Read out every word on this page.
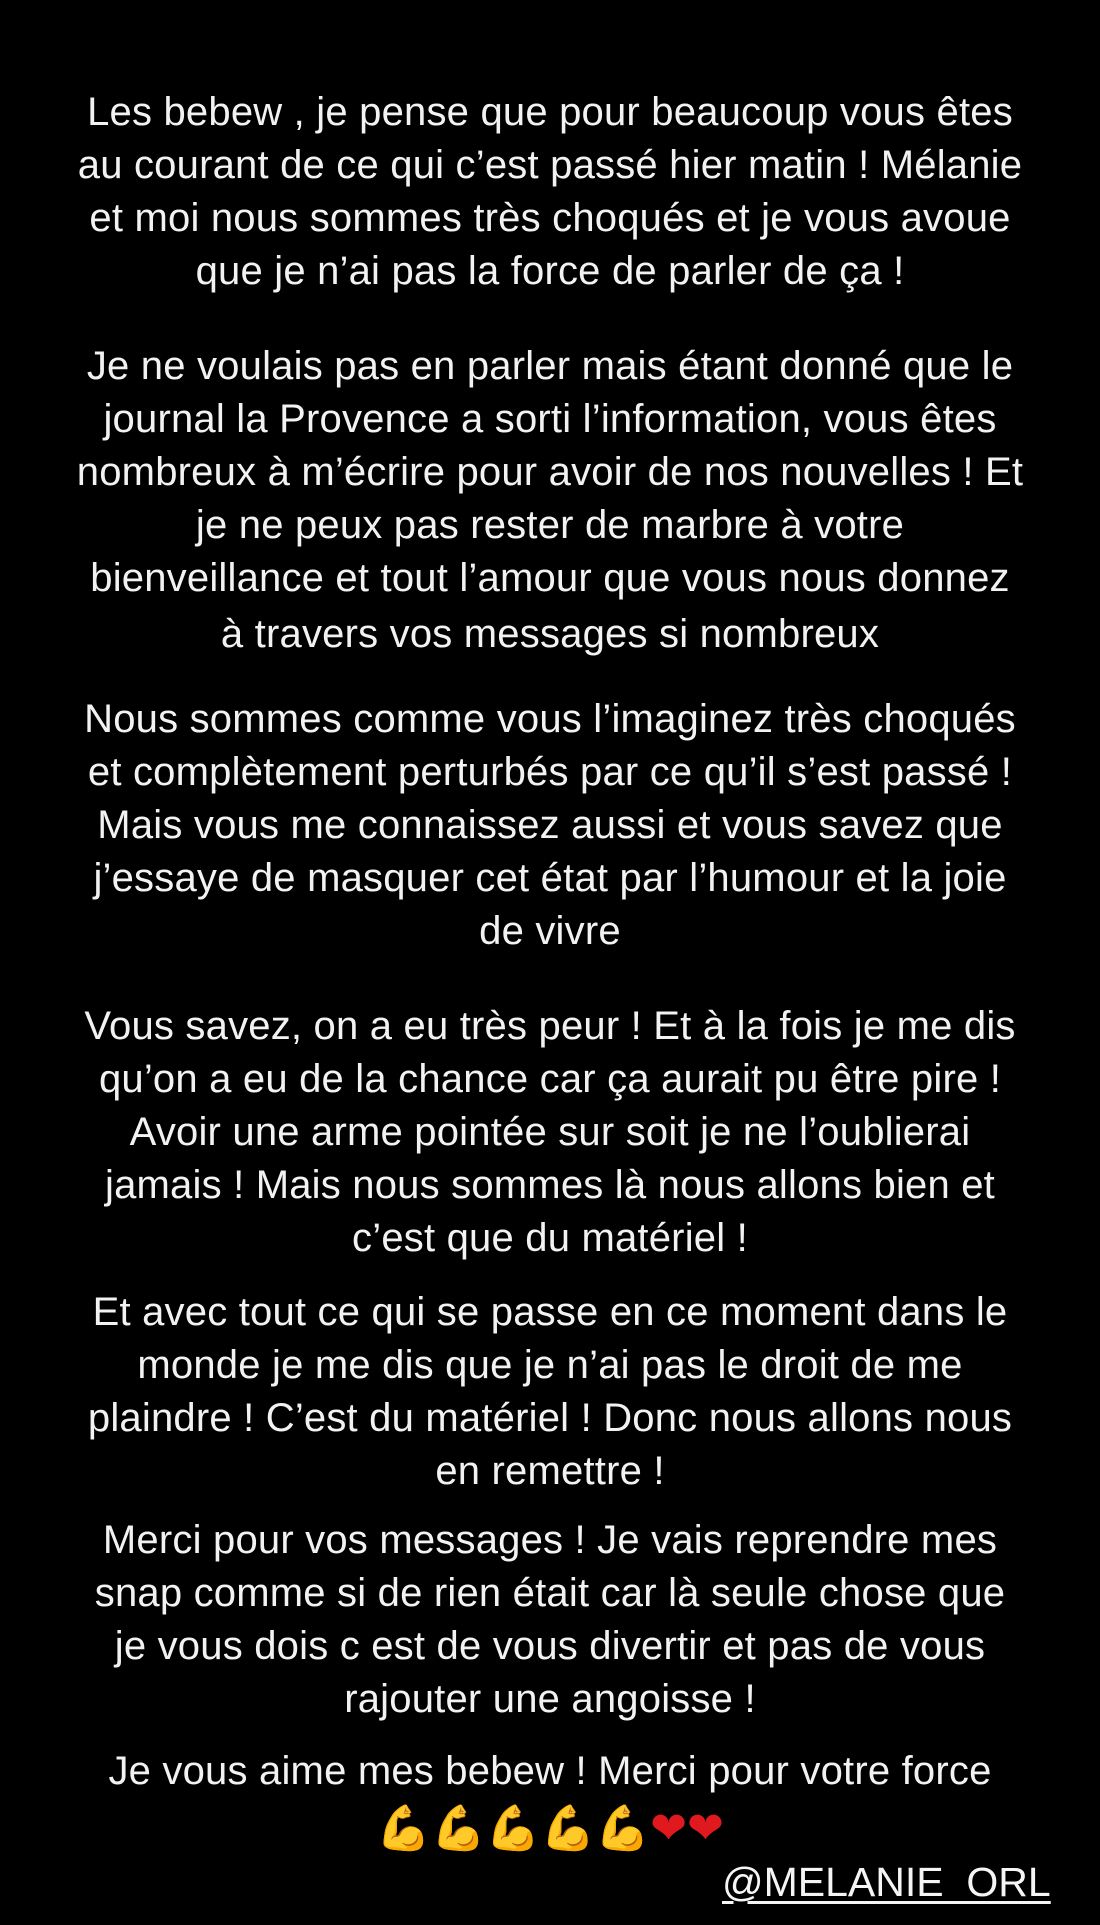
Les bebew , je pense que pour beaucoup vous êtes
au courant de ce qui c’est passé hier matin ! Mélanie
et moi nous sommes très choqués et je vous avoue
que je n’ai pas la force de parler de ça !

Je ne voulais pas en parler mais étant donné que le
journal la Provence a sorti l’information, vous êtes
nombreux à m’écrire pour avoir de nos nouvelles ! Et
je ne peux pas rester de marbre à votre
bienveillance et tout l’amour que vous nous donnez

à travers vos messages si nombreux

Nous sommes comme vous l’imaginez très choqués
et complètement perturbés par ce qu’il s’est passé !
Mais vous me connaissez aussi et vous savez que
j’essaye de masquer cet état par l’humour et la joie
de vivre

Vous savez, on a eu très peur ! Et à la fois je me dis
qu’on a eu de la chance car ça aurait pu être pire !
Avoir une arme pointée sur soit je ne l’oublierai
jamais ! Mais nous sommes là nous allons bien et
c’est que du matériel !

Et avec tout ce qui se passe en ce moment dans le
monde je me dis que je n’ai pas le droit de me
plaindre ! C’est du matériel ! Donc nous allons nous
en remettre !

Merci pour vos messages ! Je vais reprendre mes
snap comme si de rien était car là seule chose que
je vous dois c est de vous divertir et pas de vous
rajouter une angoisse !

Je vous aime mes bebew ! Merci pour votre force

💪💪💪💪💪❤❤
@MELANIE_ORL
